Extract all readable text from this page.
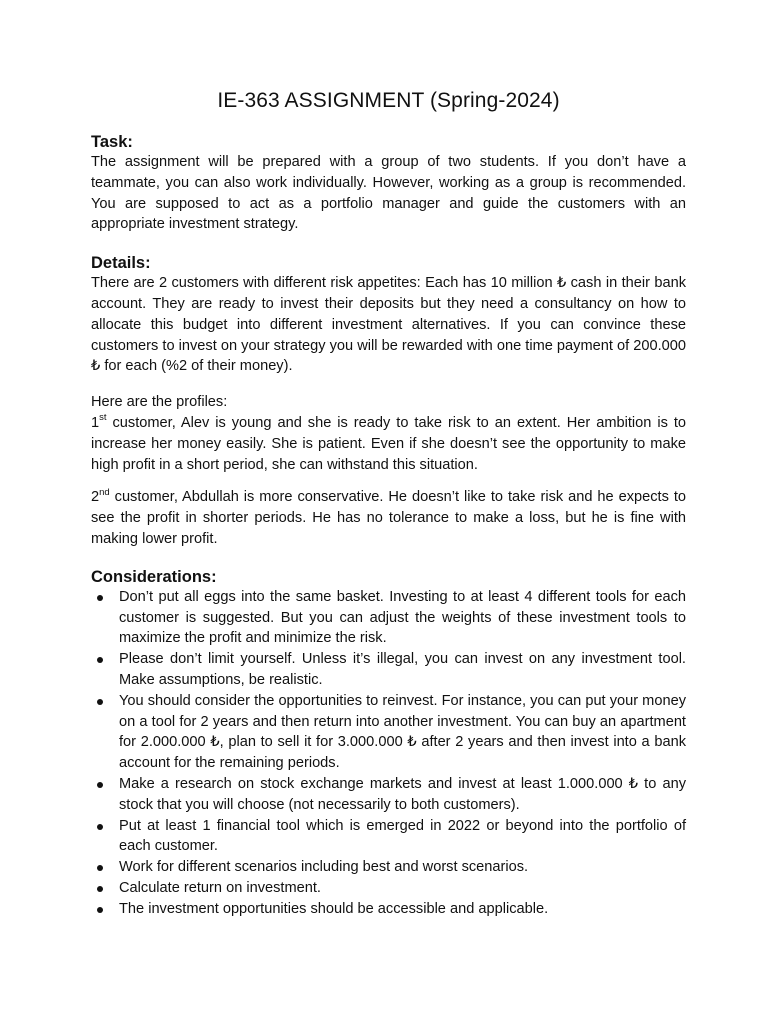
IE-363 ASSIGNMENT (Spring-2024)
Task:

The assignment will be prepared with a group of two students. If you don’t have a teammate, you can also work individually. However, working as a group is recommended. You are supposed to act as a portfolio manager and guide the customers with an appropriate investment strategy.

Details:

There are 2 customers with different risk appetites: Each has 10 million ₺ cash in their bank account. They are ready to invest their deposits but they need a consultancy on how to allocate this budget into different investment alternatives. If you can convince these customers to invest on your strategy you will be rewarded with one time payment of 200.000 ₺ for each (%2 of their money).

Here are the profiles:

1st customer, Alev is young and she is ready to take risk to an extent. Her ambition is to increase her money easily. She is patient. Even if she doesn’t see the opportunity to make high profit in a short period, she can withstand this situation.

2nd customer, Abdullah is more conservative. He doesn’t like to take risk and he expects to see the profit in shorter periods. He has no tolerance to make a loss, but he is fine with making lower profit.

Considerations:
Don’t put all eggs into the same basket. Investing to at least 4 different tools for each customer is suggested. But you can adjust the weights of these investment tools to maximize the profit and minimize the risk.
Please don’t limit yourself. Unless it’s illegal, you can invest on any investment tool. Make assumptions, be realistic.
You should consider the opportunities to reinvest. For instance, you can put your money on a tool for 2 years and then return into another investment. You can buy an apartment for 2.000.000 ₺, plan to sell it for 3.000.000 ₺ after 2 years and then invest into a bank account for the remaining periods.
Make a research on stock exchange markets and invest at least 1.000.000 ₺ to any stock that you will choose (not necessarily to both customers).
Put at least 1 financial tool which is emerged in 2022 or beyond into the portfolio of each customer.
Work for different scenarios including best and worst scenarios.
Calculate return on investment.
The investment opportunities should be accessible and applicable.
